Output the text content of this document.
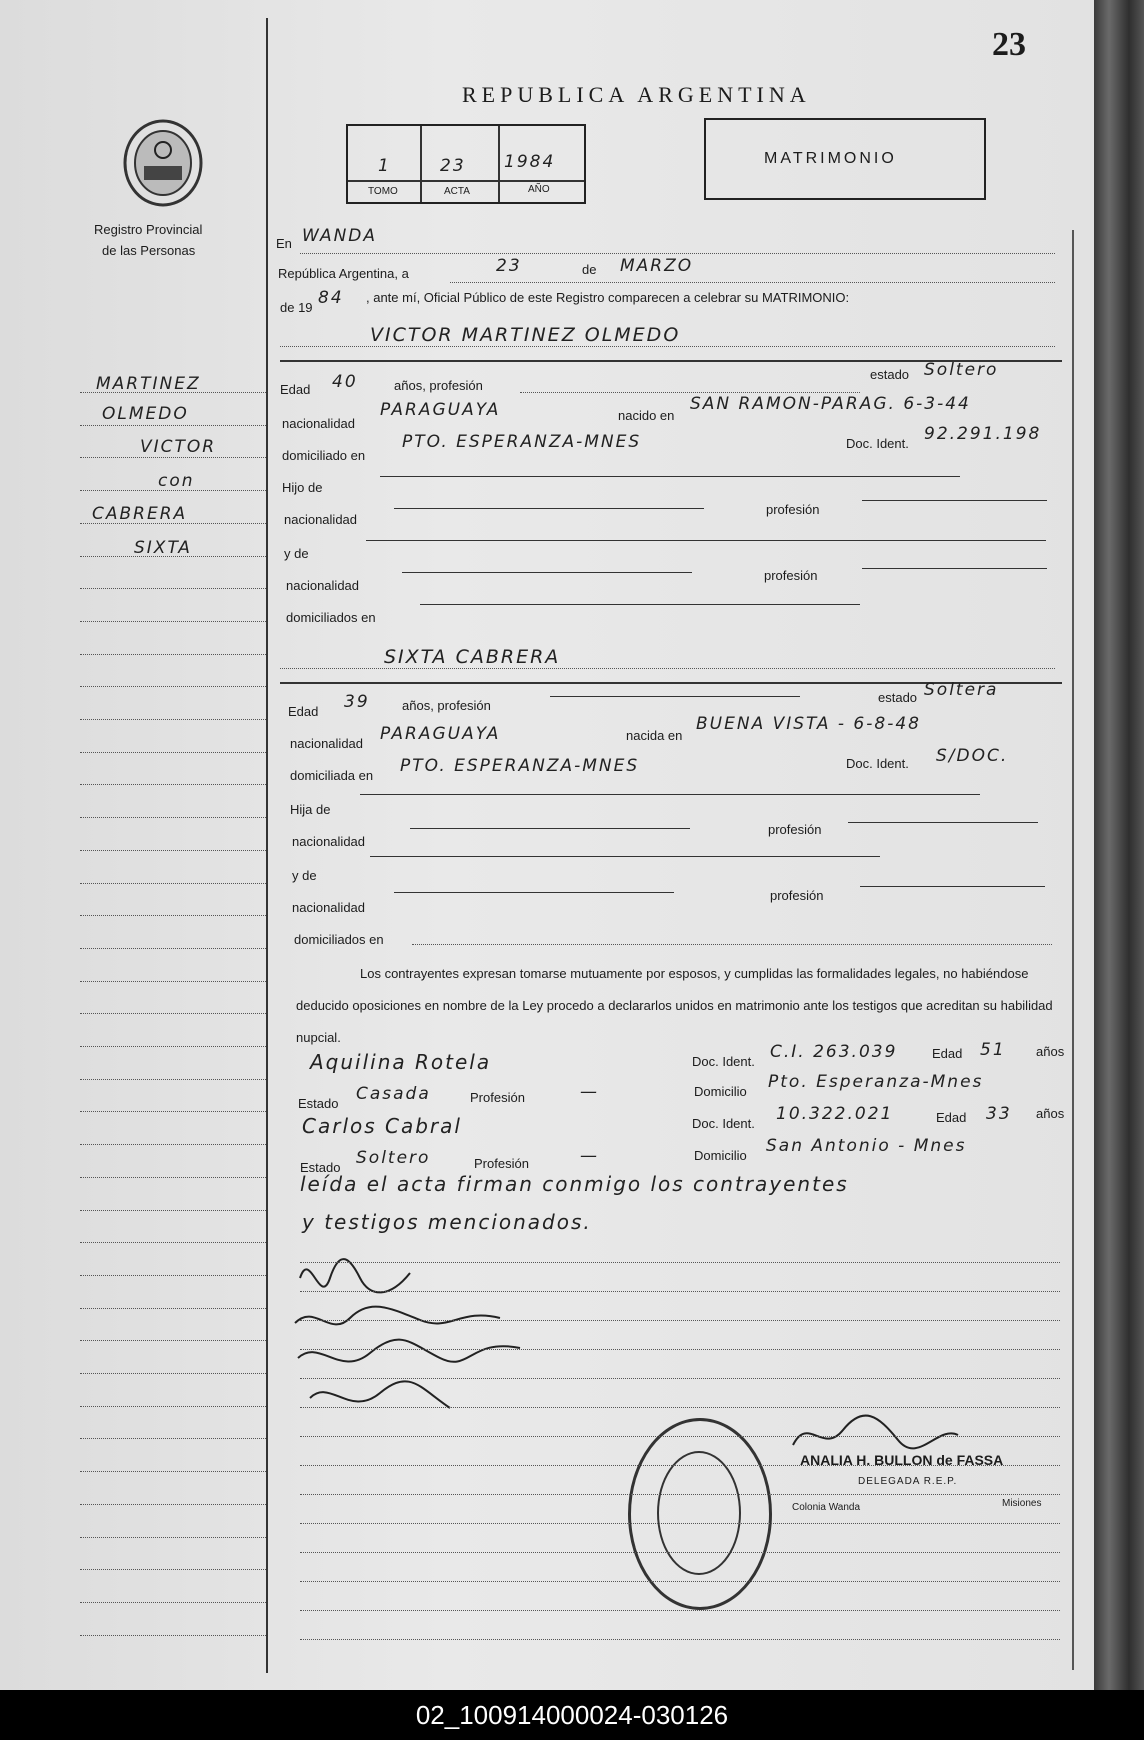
23
REPUBLICA ARGENTINA
Registro Provincial
de las Personas
1	23 1984
TOMO	ACTA	AÑO
MATRIMONIO
MARTINEZ
OLMEDO
VICTOR
con
CABRERA
SIXTA
En WANDA
República Argentina, a	23	de MARZO
de 19 84 , ante mí, Oficial Público de este Registro comparecen a celebrar su MATRIMONIO:
VICTOR MARTINEZ OLMEDO
Edad 40	años, profesión
estado Soltero
nacionalidad
PARAGUAYA	nacido en
SAN RAMON-PARAG. 6-3-44
domiciliado en
PTO. ESPERANZA-MNES	Doc. Ident. 92.291.198
Hijo de
nacionalidad
profesión
y de
nacionalidad
profesión
domiciliados en
SIXTA CABRERA
Edad 39 años, profesión
estado Soltera
nacionalidad PARAGUAYA	nacida en
BUENA VISTA - 6-8-48
domiciliada en PTO. ESPERANZA-MNES	Doc. Ident. S/DOC.
Hija de
nacionalidad
profesión
y de
nacionalidad
profesión
domiciliados en
Los contrayentes expresan tomarse mutuamente por esposos, y cumplidas las formalidades legales, no habiéndose deducido oposiciones en nombre de la Ley procedo a declararlos unidos en matrimonio ante los testigos que acreditan su habilidad nupcial.
Aquilina Rotela	Doc. Ident. C.I. 263.039	Edad 51 años
Estado Casada	Profesión	—	Domicilio Pto. Esperanza-Mnes
Carlos Cabral	Doc. Ident. 10.322.021	Edad 33 años
Estado Soltero	Profesión	—	Domicilio San Antonio - Mnes
leída el acta firman conmigo los contrayentes
y testigos mencionados.
ANALIA H. BULLON de FASSA
DELEGADA R.E.P.
Colonia Wanda	Misiones
02_100914000024-030126
